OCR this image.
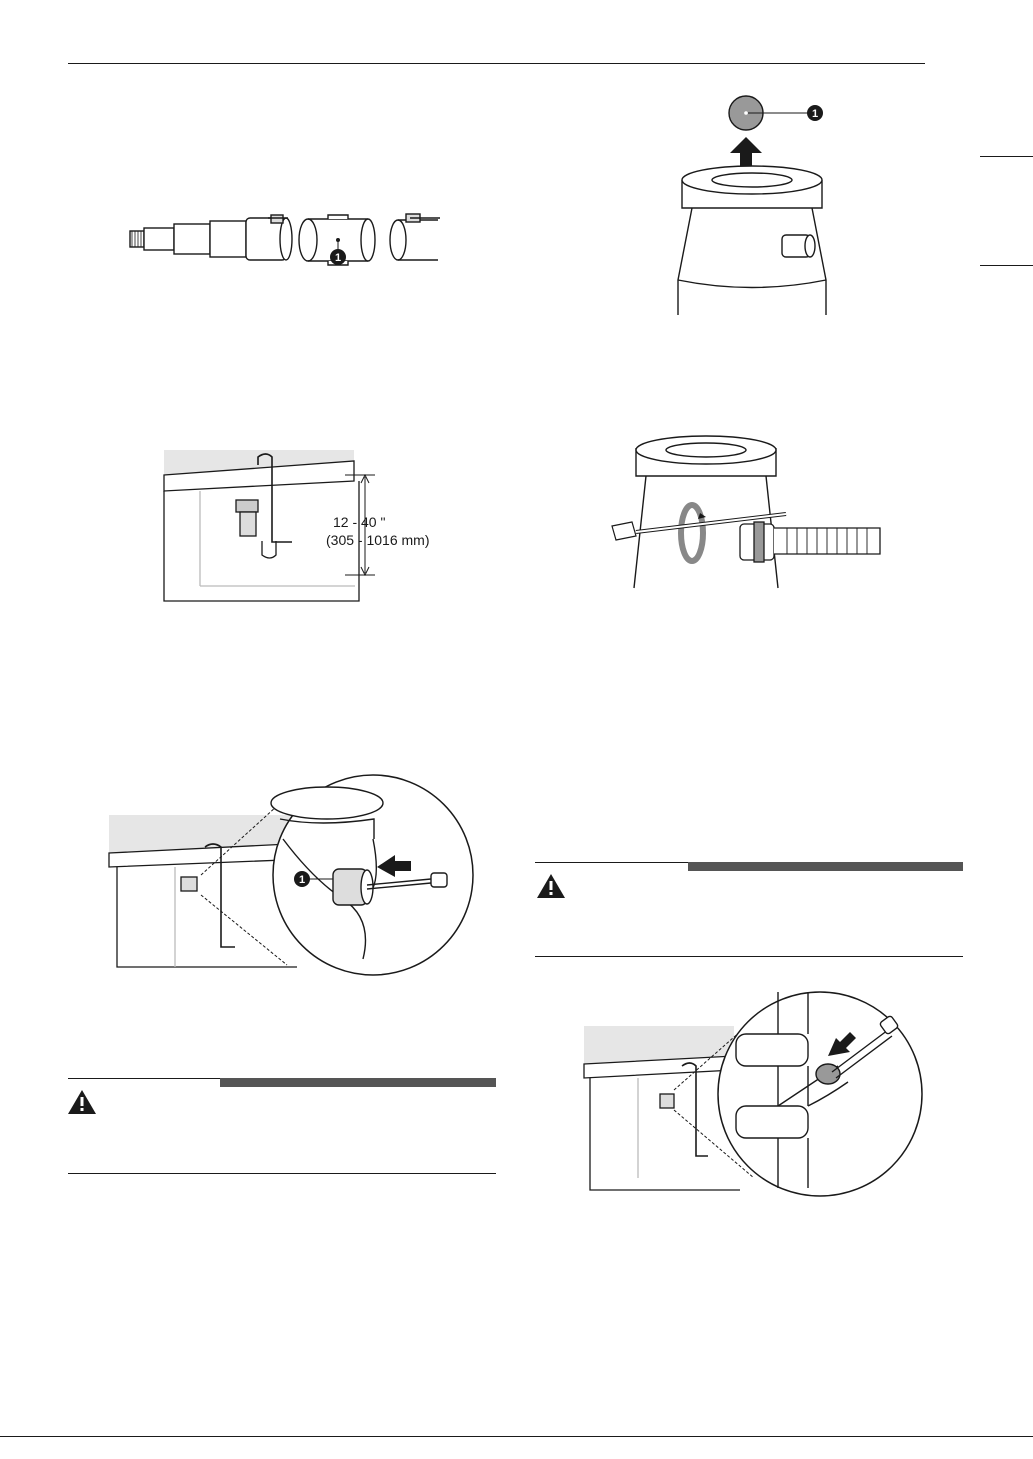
1
1
12 - 40 "
(305 - 1016 mm)
1
